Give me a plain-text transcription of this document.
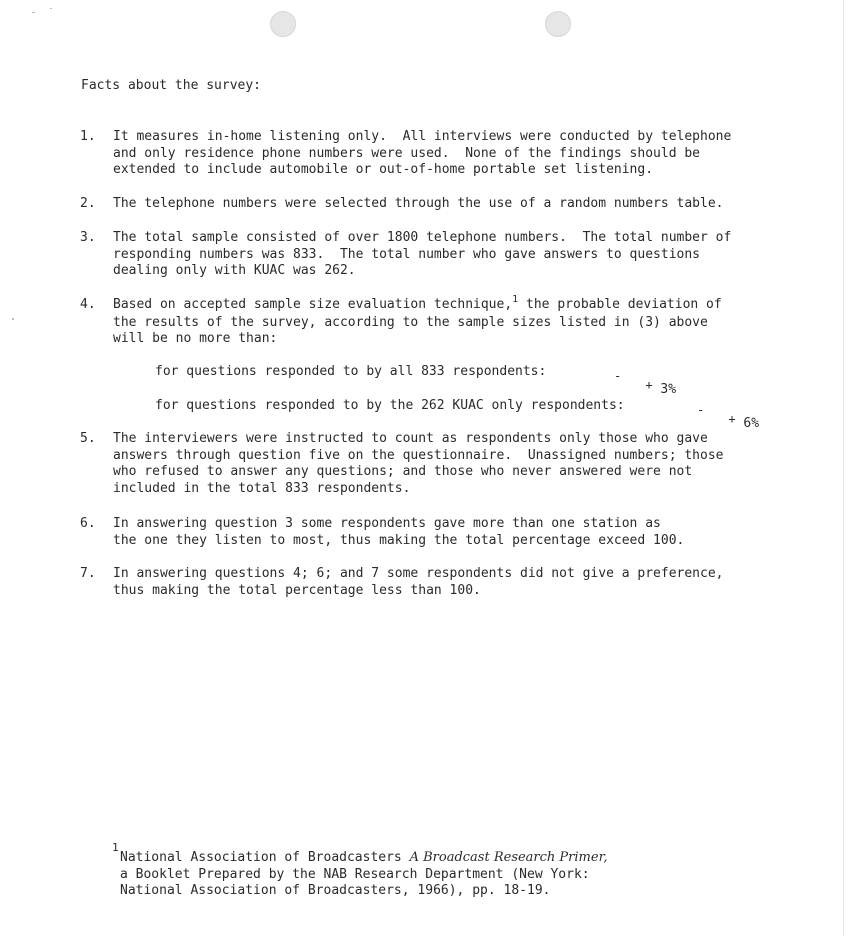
Facts about the survey:
1. It measures in-home listening only.  All interviews were conducted by telephone
and only residence phone numbers were used.  None of the findings should be
extended to include automobile or out-of-home portable set listening.
2. The telephone numbers were selected through the use of a random numbers table.
3. The total sample consisted of over 1800 telephone numbers.  The total number of
responding numbers was 833.  The total number who gave answers to questions
dealing only with KUAC was 262.
4. Based on accepted sample size evaluation technique,$^1$ the probable deviation of
the results of the survey, according to the sample sizes listed in (3) above
will be no more than:
for questions responded to by all 833 respondents:

+
-
3%

for questions responded to by the 262 KUAC only respondents:

+
-
6%

5. The interviewers were instructed to count as respondents only those who gave
answers through question five on the questionnaire.  Unassigned numbers; those
who refused to answer any questions; and those who never answered were not
included in the total 833 respondents.
6. In answering question 3 some respondents gave more than one station as
the one they listen to most, thus making the total percentage exceed 100.
7. In answering questions 4; 6; and 7 some respondents did not give a preference,
thus making the total percentage less than 100.
1
National Association of Broadcasters A Broadcast Research Primer,
a Booklet Prepared by the NAB Research Department (New York:
National Association of Broadcasters, 1966), pp. 18-19.
